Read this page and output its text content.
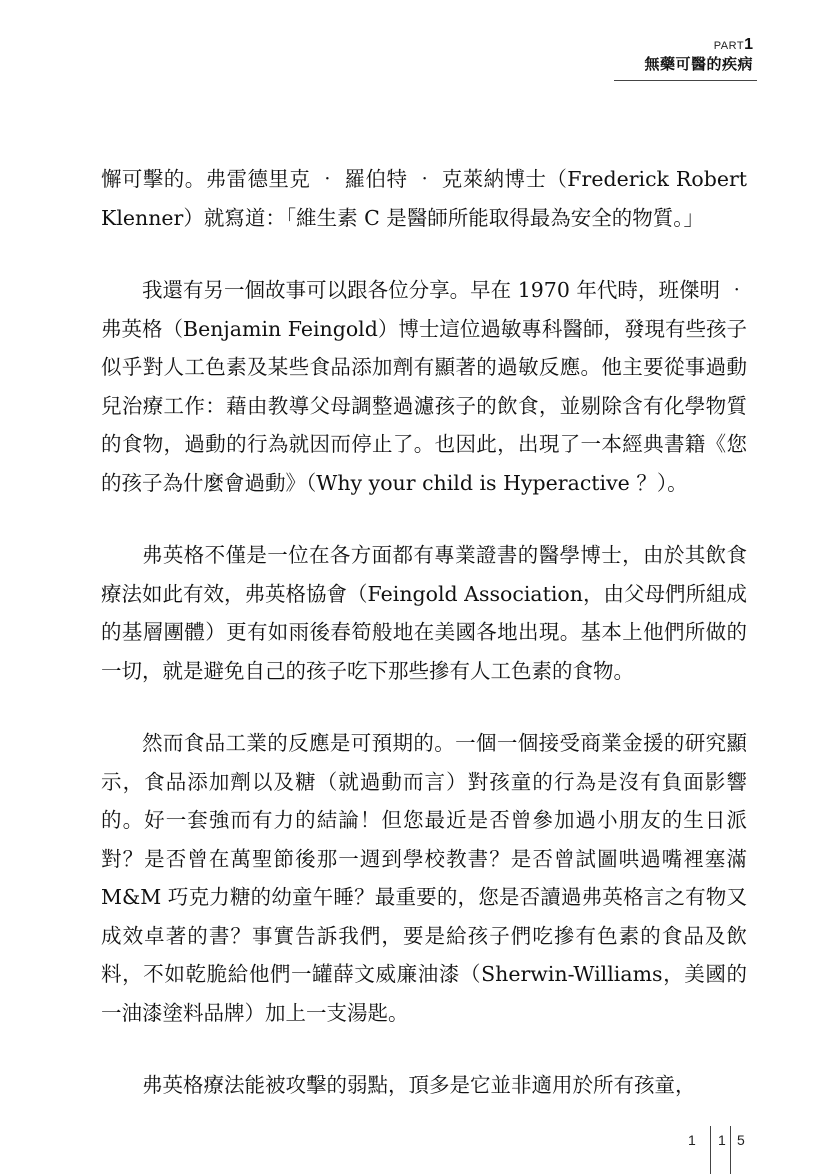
PART1
無藥可醫的疾病

懈可擊的。弗雷德里克 ‧ 羅伯特 ‧ 克萊納博士（Frederick Robert Klenner）就寫道：「維生素 C 是醫師所能取得最為安全的物質。」

我還有另一個故事可以跟各位分享。早在 1970 年代時，班傑明 ‧ 弗英格（Benjamin Feingold）博士這位過敏專科醫師，發現有些孩子似乎對人工色素及某些食品添加劑有顯著的過敏反應。他主要從事過動兒治療工作：藉由教導父母調整過濾孩子的飲食，並剔除含有化學物質的食物，過動的行為就因而停止了。也因此，出現了一本經典書籍《您的孩子為什麼會過動》（Why your child is Hyperactive ？）。

弗英格不僅是一位在各方面都有專業證書的醫學博士，由於其飲食療法如此有效，弗英格協會（Feingold Association，由父母們所組成的基層團體）更有如雨後春筍般地在美國各地出現。基本上他們所做的一切，就是避免自己的孩子吃下那些摻有人工色素的食物。

然而食品工業的反應是可預期的。一個一個接受商業金援的研究顯示，食品添加劑以及糖（就過動而言）對孩童的行為是沒有負面影響的。好一套強而有力的結論！但您最近是否曾參加過小朋友的生日派對？是否曾在萬聖節後那一週到學校教書？是否曾試圖哄過嘴裡塞滿 M&M 巧克力糖的幼童午睡？最重要的，您是否讀過弗英格言之有物又成效卓著的書？事實告訴我們，要是給孩子們吃摻有色素的食品及飲料，不如乾脆給他們一罐薛文威廉油漆（Sherwin-Williams，美國的一油漆塗料品牌）加上一支湯匙。

弗英格療法能被攻擊的弱點，頂多是它並非適用於所有孩童，

1 1 5
